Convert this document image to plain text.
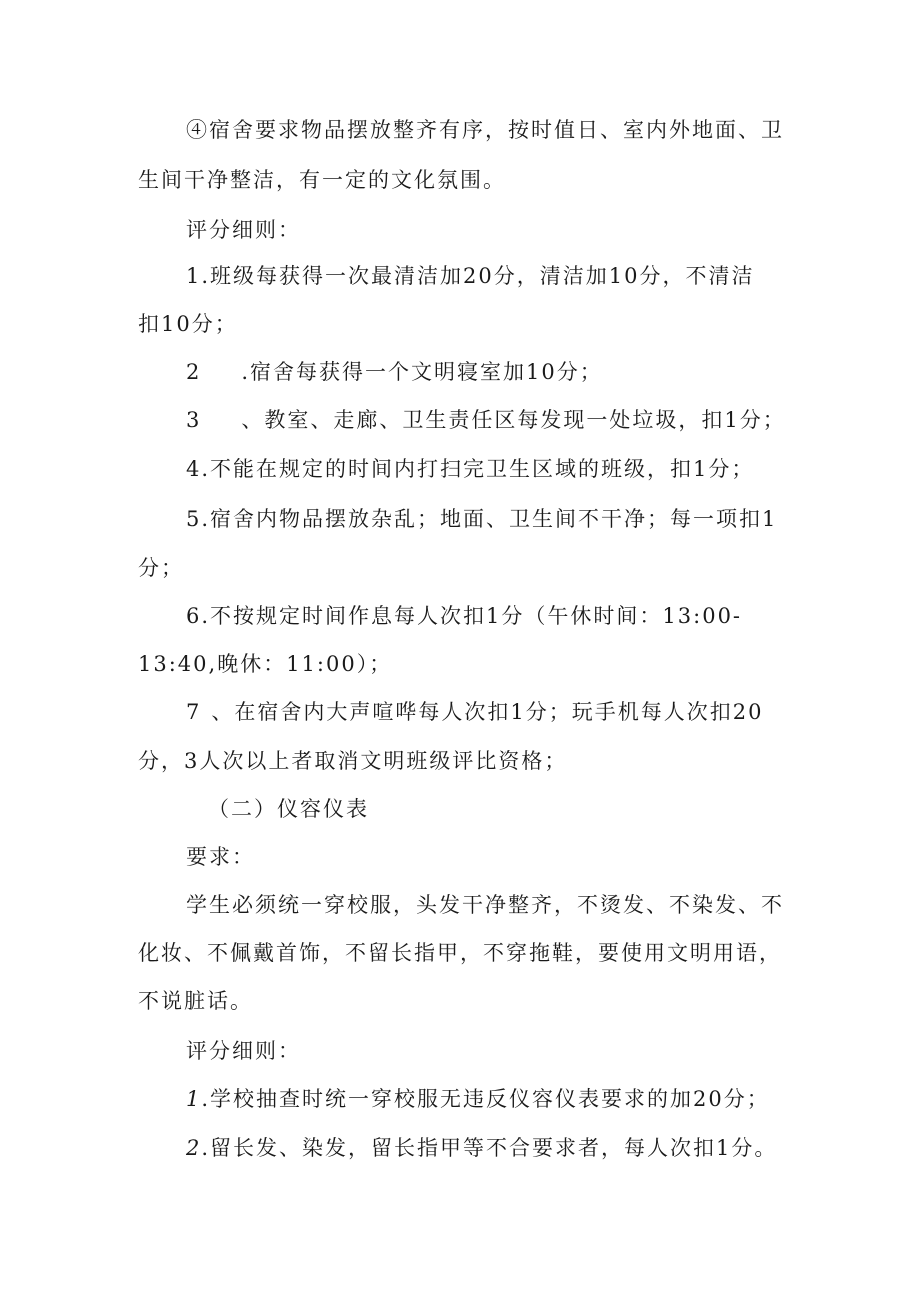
④宿舍要求物品摆放整齐有序，按时值日、室内外地面、卫
生间干净整洁，有一定的文化氛围。
评分细则：
1.班级每获得一次最清洁加20分，清洁加10分，不清洁
扣10分；
2 .宿舍每获得一个文明寝室加10分；
3 、教室、走廊、卫生责任区每发现一处垃圾，扣1分；
4.不能在规定的时间内打扫完卫生区域的班级，扣1分；
5.宿舍内物品摆放杂乱；地面、卫生间不干净；每一项扣1
分；
6.不按规定时间作息每人次扣1分（午休时间：13:00-
13:40,晚休：11:00）；
7 、在宿舍内大声喧哗每人次扣1分；玩手机每人次扣20
分，3人次以上者取消文明班级评比资格；
（二）仪容仪表
要求：
学生必须统一穿校服，头发干净整齐，不烫发、不染发、不
化妆、不佩戴首饰，不留长指甲，不穿拖鞋，要使用文明用语，
不说脏话。
评分细则：
1.学校抽查时统一穿校服无违反仪容仪表要求的加20分；
2.留长发、染发，留长指甲等不合要求者，每人次扣1分。
